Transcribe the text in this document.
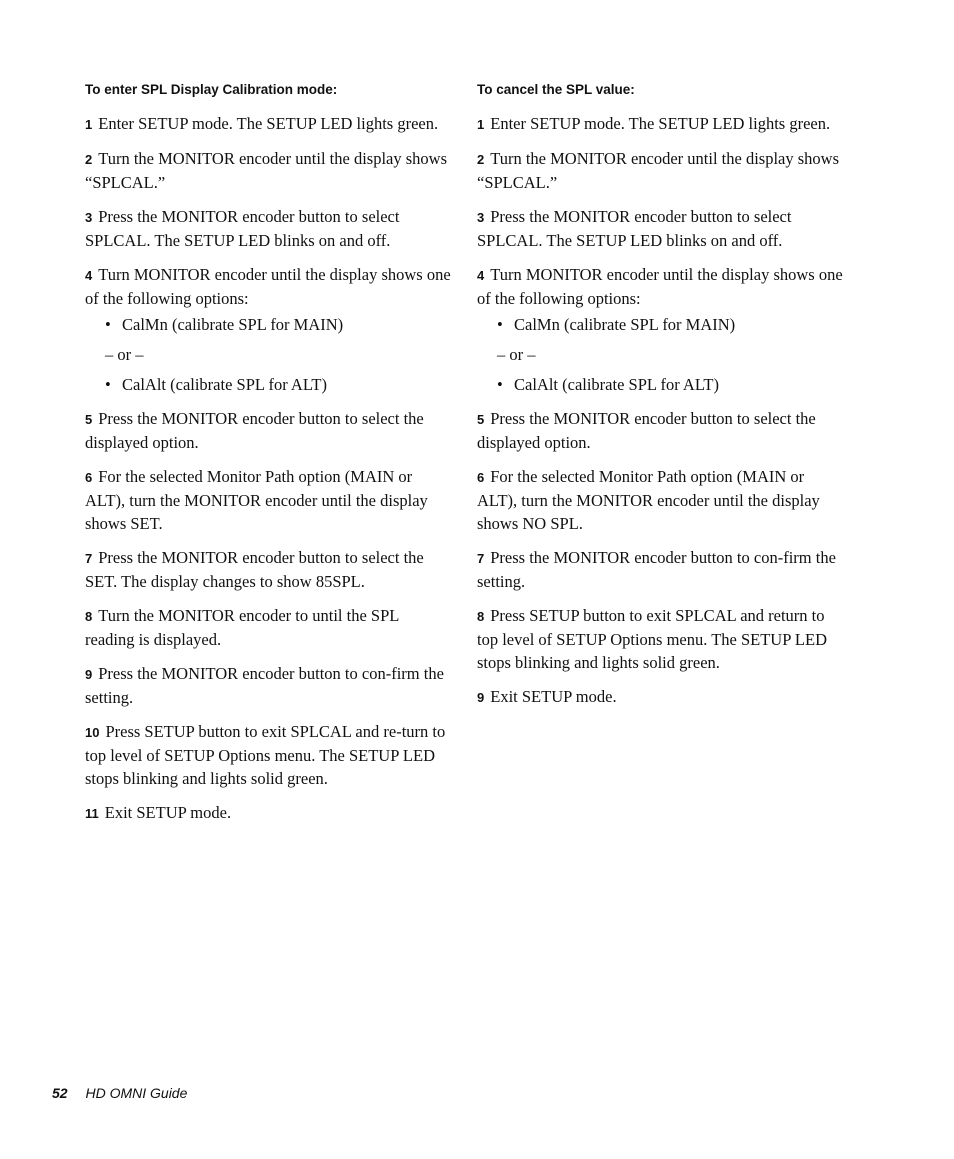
To enter SPL Display Calibration mode:
1 Enter SETUP mode. The SETUP LED lights green.
2 Turn the MONITOR encoder until the display shows “SPLCAL.”
3 Press the MONITOR encoder button to select SPLCAL. The SETUP LED blinks on and off.
4 Turn MONITOR encoder until the display shows one of the following options:
• CalMn (calibrate SPL for MAIN)
– or –
• CalAlt (calibrate SPL for ALT)
5 Press the MONITOR encoder button to select the displayed option.
6 For the selected Monitor Path option (MAIN or ALT), turn the MONITOR encoder until the display shows SET.
7 Press the MONITOR encoder button to select the SET. The display changes to show 85SPL.
8 Turn the MONITOR encoder to until the SPL reading is displayed.
9 Press the MONITOR encoder button to con-firm the setting.
10 Press SETUP button to exit SPLCAL and re-turn to top level of SETUP Options menu. The SETUP LED stops blinking and lights solid green.
11 Exit SETUP mode.
To cancel the SPL value:
1 Enter SETUP mode. The SETUP LED lights green.
2 Turn the MONITOR encoder until the display shows “SPLCAL.”
3 Press the MONITOR encoder button to select SPLCAL. The SETUP LED blinks on and off.
4 Turn MONITOR encoder until the display shows one of the following options:
• CalMn (calibrate SPL for MAIN)
– or –
• CalAlt (calibrate SPL for ALT)
5 Press the MONITOR encoder button to select the displayed option.
6 For the selected Monitor Path option (MAIN or ALT), turn the MONITOR encoder until the display shows NO SPL.
7 Press the MONITOR encoder button to con-firm the setting.
8 Press SETUP button to exit SPLCAL and return to top level of SETUP Options menu. The SETUP LED stops blinking and lights solid green.
9 Exit SETUP mode.
52 HD OMNI Guide
